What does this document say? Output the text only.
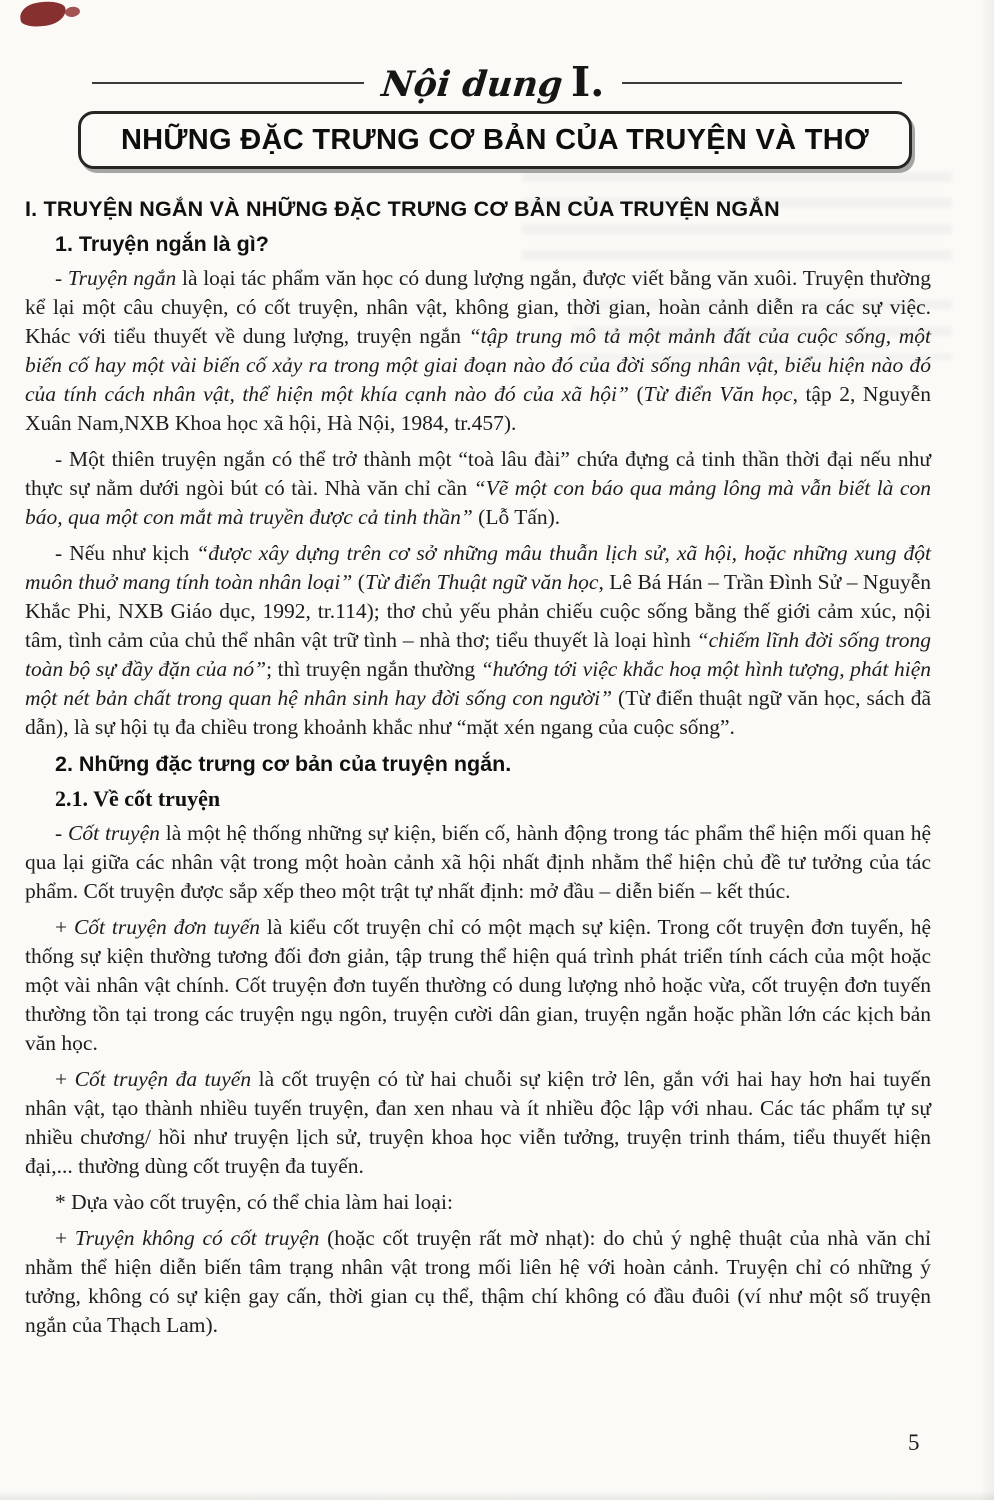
Nội dung I.
NHỮNG ĐẶC TRƯNG CƠ BẢN CỦA TRUYỆN VÀ THƠ
I. TRUYỆN NGẮN VÀ NHỮNG ĐẶC TRƯNG CƠ BẢN CỦA TRUYỆN NGẮN
1. Truyện ngắn là gì?
- Truyện ngắn là loại tác phẩm văn học có dung lượng ngắn, được viết bằng văn xuôi. Truyện thường kể lại một câu chuyện, có cốt truyện, nhân vật, không gian, thời gian, hoàn cảnh diễn ra các sự việc. Khác với tiểu thuyết về dung lượng, truyện ngắn “tập trung mô tả một mảnh đất của cuộc sống, một biến cố hay một vài biến cố xảy ra trong một giai đoạn nào đó của đời sống nhân vật, biểu hiện nào đó của tính cách nhân vật, thể hiện một khía cạnh nào đó của xã hội” (Từ điển Văn học, tập 2, Nguyễn Xuân Nam,NXB Khoa học xã hội, Hà Nội, 1984, tr.457).
- Một thiên truyện ngắn có thể trở thành một “toà lâu đài” chứa đựng cả tinh thần thời đại nếu như thực sự nằm dưới ngòi bút có tài. Nhà văn chỉ cần “Vẽ một con báo qua mảng lông mà vẫn biết là con báo, qua một con mắt mà truyền được cả tinh thần” (Lỗ Tấn).
- Nếu như kịch “được xây dựng trên cơ sở những mâu thuẫn lịch sử, xã hội, hoặc những xung đột muôn thuở mang tính toàn nhân loại” (Từ điển Thuật ngữ văn học, Lê Bá Hán – Trần Đình Sử – Nguyễn Khắc Phi, NXB Giáo dục, 1992, tr.114); thơ chủ yếu phản chiếu cuộc sống bằng thế giới cảm xúc, nội tâm, tình cảm của chủ thể nhân vật trữ tình – nhà thơ; tiểu thuyết là loại hình “chiếm lĩnh đời sống trong toàn bộ sự đầy đặn của nó”; thì truyện ngắn thường “hướng tới việc khắc hoạ một hình tượng, phát hiện một nét bản chất trong quan hệ nhân sinh hay đời sống con người” (Từ điển thuật ngữ văn học, sách đã dẫn), là sự hội tụ đa chiều trong khoảnh khắc như “mặt xén ngang của cuộc sống”.
2. Những đặc trưng cơ bản của truyện ngắn.
2.1. Về cốt truyện
- Cốt truyện là một hệ thống những sự kiện, biến cố, hành động trong tác phẩm thể hiện mối quan hệ qua lại giữa các nhân vật trong một hoàn cảnh xã hội nhất định nhằm thể hiện chủ đề tư tưởng của tác phẩm. Cốt truyện được sắp xếp theo một trật tự nhất định: mở đầu – diễn biến – kết thúc.
+ Cốt truyện đơn tuyến là kiểu cốt truyện chỉ có một mạch sự kiện. Trong cốt truyện đơn tuyến, hệ thống sự kiện thường tương đối đơn giản, tập trung thể hiện quá trình phát triển tính cách của một hoặc một vài nhân vật chính. Cốt truyện đơn tuyến thường có dung lượng nhỏ hoặc vừa, cốt truyện đơn tuyến thường tồn tại trong các truyện ngụ ngôn, truyện cười dân gian, truyện ngắn hoặc phần lớn các kịch bản văn học.
+ Cốt truyện đa tuyến là cốt truyện có từ hai chuỗi sự kiện trở lên, gắn với hai hay hơn hai tuyến nhân vật, tạo thành nhiều tuyến truyện, đan xen nhau và ít nhiều độc lập với nhau. Các tác phẩm tự sự nhiều chương/ hồi như truyện lịch sử, truyện khoa học viễn tưởng, truyện trinh thám, tiểu thuyết hiện đại,... thường dùng cốt truyện đa tuyến.
* Dựa vào cốt truyện, có thể chia làm hai loại:
+ Truyện không có cốt truyện (hoặc cốt truyện rất mờ nhạt): do chủ ý nghệ thuật của nhà văn chỉ nhằm thể hiện diễn biến tâm trạng nhân vật trong mối liên hệ với hoàn cảnh. Truyện chỉ có những ý tưởng, không có sự kiện gay cấn, thời gian cụ thể, thậm chí không có đầu đuôi (ví như một số truyện ngắn của Thạch Lam).
5
